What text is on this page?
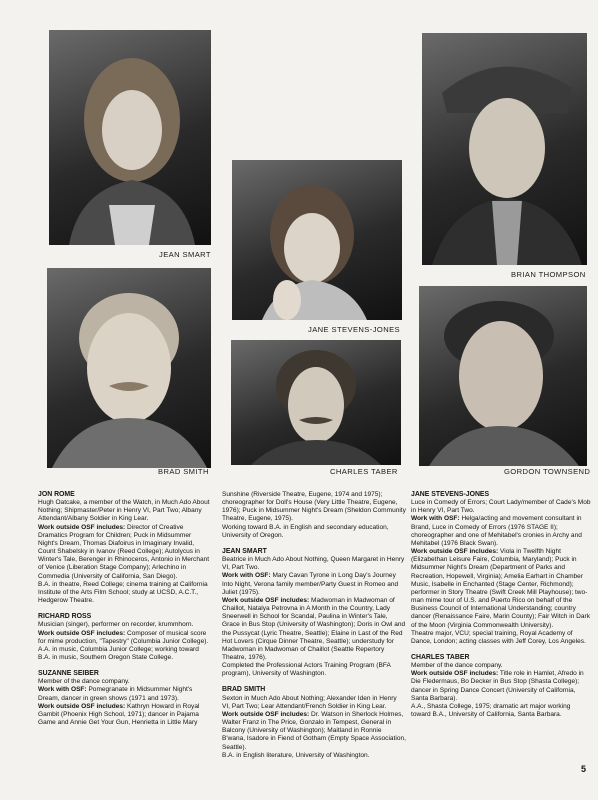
JEAN SMART
JANE STEVENS-JONES
BRIAN THOMPSON
BRAD SMITH	CHARLES TABER	GORDON TOWNSEND
JON ROME

Hugh Oatcake, a member of the Watch, in Much Ado About Nothing; Shipmaster/Peter in Henry VI, Part Two; Albany Attendant/Albany Soldier in King Lear.

Work outside OSF includes: Director of Creative Dramatics Program for Children; Puck in Midsummer Night's Dream, Thomas Diafoirus in Imaginary Invalid, Count Shabelsky in Ivanov (Reed College); Autolycus in Winter's Tale, Berenger in Rhinoceros, Antonio in Merchant of Venice (Liberation Stage Company); Arlechino in Commedia (University of California, San Diego).

B.A. in theatre, Reed College; cinema training at California Institute of the Arts Film School; study at UCSD, A.C.T., Hedgerow Theatre.

RICHARD ROSS

Musician (singer), performer on recorder, krummhorn.

Work outside OSF includes: Composer of musical score for mime production, "Tapestry" (Columbia Junior College).

A.A. in music, Columbia Junior College; working toward B.A. in music, Southern Oregon State College.

SUZANNE SEIBER

Member of the dance company.

Work with OSF: Pomegranate in Midsummer Night's Dream, dancer in green shows (1971 and 1973).

Work outside OSF includes: Kathryn Howard in Royal Gambit (Phoenix High School, 1971); dancer in Pajama Game and Annie Get Your Gun, Henrietta in Little Mary

Sunshine (Riverside Theatre, Eugene, 1974 and 1975); choreographer for Doll's House (Very Little Theatre, Eugene, 1976); Puck in Midsummer Night's Dream (Sheldon Community Theatre, Eugene, 1975).

Working toward B.A. in English and secondary education, University of Oregon.

JEAN SMART

Beatrice in Much Ado About Nothing, Queen Margaret in Henry VI, Part Two.

Work with OSF: Mary Cavan Tyrone in Long Day's Journey Into Night, Verona family member/Party Guest in Romeo and Juliet (1975).

Work outside OSF includes: Madwoman in Madwoman of Chaillot, Natalya Petrovna in A Month in the Country, Lady Sneerwell in School for Scandal, Paulina in Winter's Tale, Grace in Bus Stop (University of Washington); Doris in Owl and the Pussycat (Lyric Theatre, Seattle); Elaine in Last of the Red Hot Lovers (Cirque Dinner Theatre, Seattle); understudy for Madwoman in Madwoman of Chaillot (Seattle Repertory Theatre, 1976).

Completed the Professional Actors Training Program (BFA program), University of Washington.

BRAD SMITH

Sexton in Much Ado About Nothing; Alexander Iden in Henry VI, Part Two; Lear Attendant/French Soldier in King Lear.

Work outside OSF includes: Dr. Watson in Sherlock Holmes, Walter Franz in The Price, Gonzalo in Tempest, General in Balcony (University of Washington); Maitland in Ronnie B'wana, Isadore in Fiend of Gotham (Empty Space Association, Seattle).

B.A. in English literature, University of Washington.

JANE STEVENS-JONES

Luce in Comedy of Errors; Court Lady/member of Cade's Mob in Henry VI, Part Two.

Work with OSF: Helga/acting and movement consultant in Brand, Luce in Comedy of Errors (1976 STAGE II); choreographer and one of Mehitabel's cronies in Archy and Mehitabel (1976 Black Swan).

Work outside OSF includes: Viola in Twelfth Night (Elizabethan Leisure Faire, Columbia, Maryland); Puck in Midsummer Night's Dream (Department of Parks and Recreation, Hopewell, Virginia); Amelia Earhart in Chamber Music, Isabelle in Enchanted (Stage Center, Richmond); performer in Story Theatre (Swift Creek Mill Playhouse); two-man mime tour of U.S. and Puerto Rico on behalf of the Business Council of International Understanding; country dancer (Renaissance Faire, Marin County); Fair Witch in Dark of the Moon (Virginia Commonwealth University).

Theatre major, VCU; special training, Royal Academy of Dance, London; acting classes with Jeff Corey, Los Angeles.

CHARLES TABER

Member of the dance company.

Work outside OSF includes: Title role in Hamlet, Afredo in Die Fledermaus, Bo Decker in Bus Stop (Shasta College); dancer in Spring Dance Concert (University of California, Santa Barbara).

A.A., Shasta College, 1975; dramatic art major working toward B.A., University of California, Santa Barbara.

5
